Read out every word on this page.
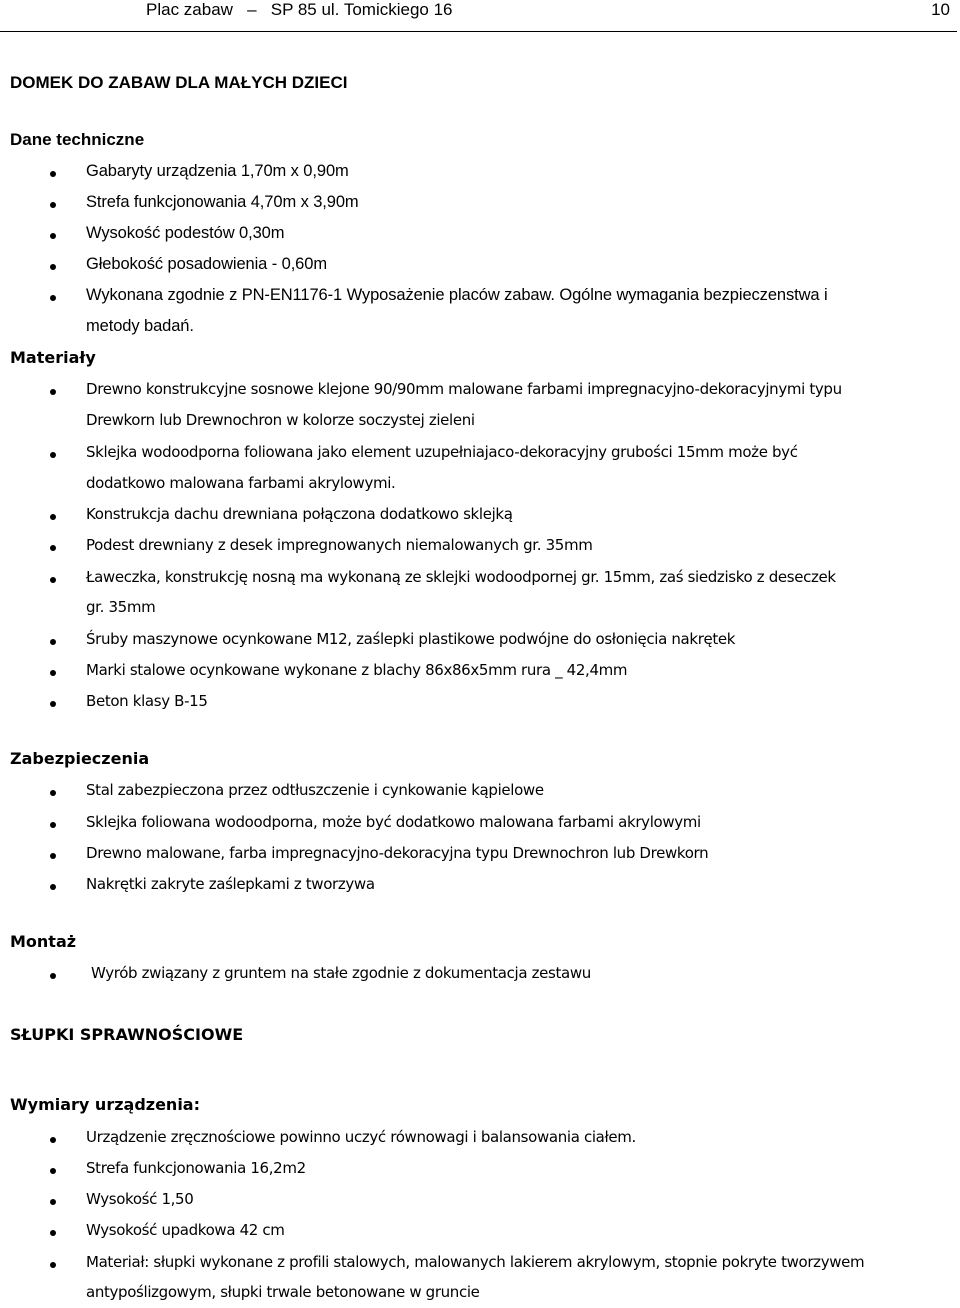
Plac zabaw   –   SP 85 ul. Tomickiego 16	10
DOMEK DO ZABAW DLA MAŁYCH DZIECI
Dane techniczne
Gabaryty urządzenia 1,70m x 0,90m
Strefa funkcjonowania 4,70m x 3,90m
Wysokość podestów 0,30m
Głebokość posadowienia - 0,60m
Wykonana zgodnie z PN-EN1176-1 Wyposażenie placów zabaw. Ogólne wymagania bezpieczenstwa i
metody badań.
Materiały
Drewno konstrukcyjne sosnowe klejone 90/90mm malowane farbami impregnacyjno-dekoracyjnymi typu
Drewkorn lub Drewnochron w kolorze soczystej zieleni
Sklejka wodoodporna foliowana jako element uzupełniajaco-dekoracyjny grubości 15mm może być
dodatkowo malowana farbami akrylowymi.
Konstrukcja dachu drewniana połączona dodatkowo sklejką
Podest drewniany z desek impregnowanych niemalowanych gr. 35mm
Ławeczka, konstrukcję nosną ma wykonaną ze sklejki wodoodpornej gr. 15mm, zaś siedzisko z deseczek
gr. 35mm
Śruby maszynowe ocynkowane M12, zaślepki plastikowe podwójne do osłonięcia nakrętek
Marki stalowe ocynkowane wykonane z blachy 86x86x5mm rura _ 42,4mm
Beton klasy B-15
Zabezpieczenia
Stal zabezpieczona przez odtłuszczenie i cynkowanie kąpielowe
Sklejka foliowana wodoodporna, może być dodatkowo malowana farbami akrylowymi
Drewno malowane, farba impregnacyjno-dekoracyjna typu Drewnochron lub Drewkorn
Nakrętki zakryte zaślepkami z tworzywa
Montaż
Wyrób związany z gruntem na stałe zgodnie z dokumentacja zestawu
SŁUPKI SPRAWNOŚCIOWE
Wymiary urządzenia:
Urządzenie zręcznościowe powinno uczyć równowagi i balansowania ciałem.
Strefa funkcjonowania 16,2m2
Wysokość 1,50
Wysokość upadkowa 42 cm
Materiał: słupki wykonane z profili stalowych, malowanych lakierem akrylowym, stopnie pokryte tworzywem
antypoślizgowym, słupki trwale betonowane w gruncie
